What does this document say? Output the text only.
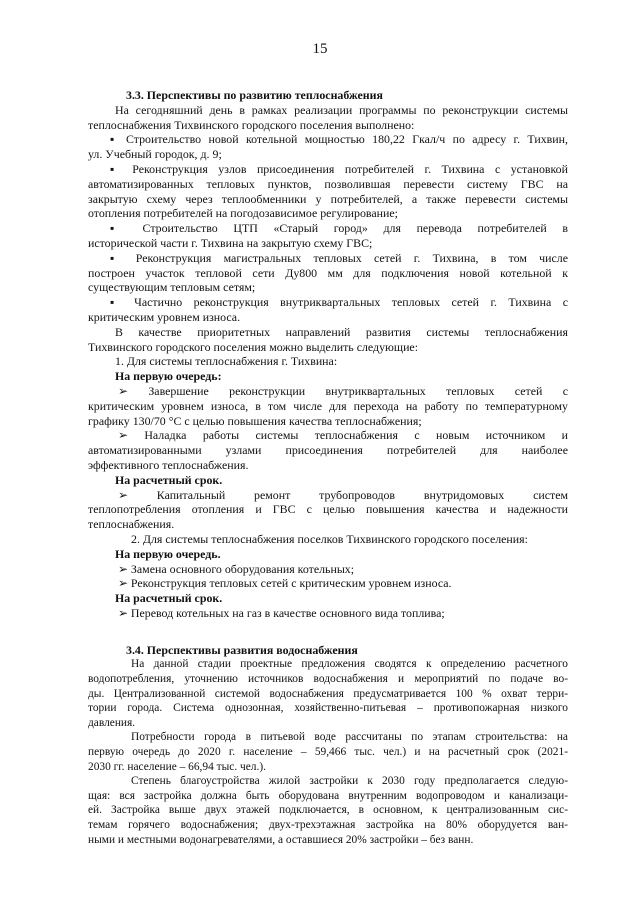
15
3.3. Перспективы по развитию теплоснабжения
На сегодняшний день в рамках реализации программы по реконструкции системы
теплоснабжения Тихвинского городского поселения выполнено:
▪ Строительство новой котельной мощностью 180,22 Гкал/ч по адресу г. Тихвин,
ул. Учебный городок, д. 9;
▪ Реконструкция узлов присоединения потребителей г. Тихвина с установкой
автоматизированных тепловых пунктов, позволившая перевести систему ГВС на
закрытую схему через теплообменники у потребителей, а также перевести системы
отопления потребителей на погодозависимое регулирование;
▪ Строительство ЦТП «Старый город» для перевода потребителей в
исторической части г. Тихвина на закрытую схему ГВС;
▪ Реконструкция магистральных тепловых сетей г. Тихвина, в том числе
построен участок тепловой сети Ду800 мм для подключения новой котельной к
существующим тепловым сетям;
▪ Частично реконструкция внутриквартальных тепловых сетей г. Тихвина с
критическим уровнем износа.
В качестве приоритетных направлений развития системы теплоснабжения
Тихвинского городского поселения можно выделить следующие:
1. Для системы теплоснабжения г. Тихвина:
На первую очередь:
➢ Завершение реконструкции внутриквартальных тепловых сетей с
критическим уровнем износа, в том числе для перехода на работу по температурному
графику 130/70 °С с целью повышения качества теплоснабжения;
➢ Наладка работы системы теплоснабжения с новым источником и
автоматизированными узлами присоединения потребителей для наиболее
эффективного теплоснабжения.
На расчетный срок.
➢ Капитальный ремонт трубопроводов внутридомовых систем
теплопотребления отопления и ГВС с целью повышения качества и надежности
теплоснабжения.
2. Для системы теплоснабжения поселков Тихвинского городского поселения:
На первую очередь.
➢ Замена основного оборудования котельных;
➢ Реконструкция тепловых сетей с критическим уровнем износа.
На расчетный срок.
➢ Перевод котельных на газ в качестве основного вида топлива;
3.4. Перспективы развития водоснабжения
На данной стадии проектные предложения сводятся к определению расчетного
водопотребления, уточнению источников водоснабжения и мероприятий по подаче во-
ды. Централизованной системой водоснабжения предусматривается 100 % охват терри-
тории города. Система однозонная, хозяйственно-питьевая – противопожарная низкого
давления.
Потребности города в питьевой воде рассчитаны по этапам строительства: на
первую очередь до 2020 г. население – 59,466 тыс. чел.) и на расчетный срок (2021-
2030 гг. население – 66,94 тыс. чел.).
Степень благоустройства жилой застройки к 2030 году предполагается следую-
щая: вся застройка должна быть оборудована внутренним водопроводом и канализаци-
ей. Застройка выше двух этажей подключается, в основном, к централизованным сис-
темам горячего водоснабжения; двух-трехэтажная застройка на 80% оборудуется ван-
ными и местными водонагревателями, а оставшиеся 20% застройки – без ванн.
